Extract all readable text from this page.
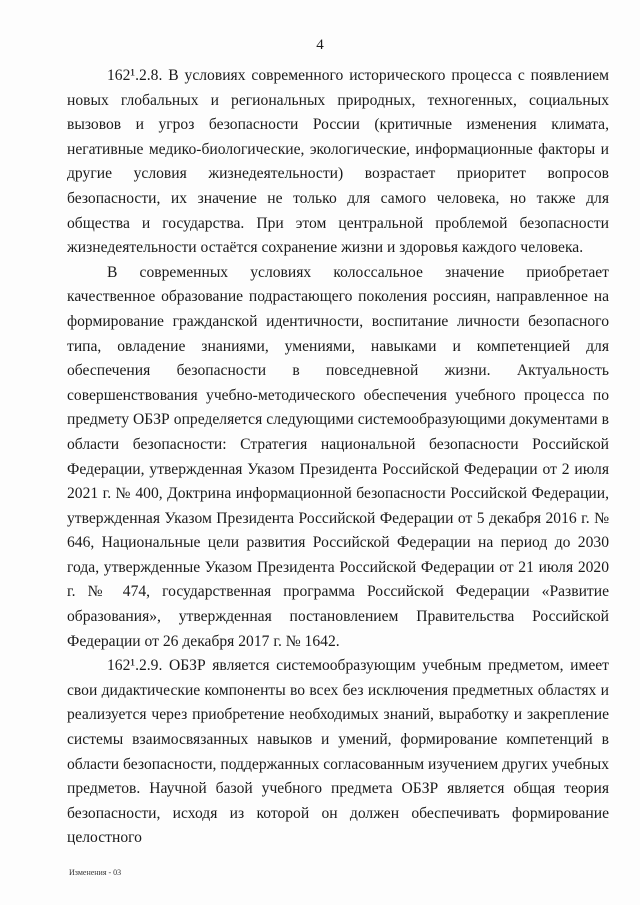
4

162¹.2.8. В условиях современного исторического процесса с появлением новых глобальных и региональных природных, техногенных, социальных вызовов и угроз безопасности России (критичные изменения климата, негативные медико-биологические, экологические, информационные факторы и другие условия жизнедеятельности) возрастает приоритет вопросов безопасности, их значение не только для самого человека, но также для общества и государства. При этом центральной проблемой безопасности жизнедеятельности остаётся сохранение жизни и здоровья каждого человека.

В современных условиях колоссальное значение приобретает качественное образование подрастающего поколения россиян, направленное на формирование гражданской идентичности, воспитание личности безопасного типа, овладение знаниями, умениями, навыками и компетенцией для обеспечения безопасности в повседневной жизни. Актуальность совершенствования учебно-методического обеспечения учебного процесса по предмету ОБЗР определяется следующими системообразующими документами в области безопасности: Стратегия национальной безопасности Российской Федерации, утвержденная Указом Президента Российской Федерации от 2 июля 2021 г. № 400, Доктрина информационной безопасности Российской Федерации, утвержденная Указом Президента Российской Федерации от 5 декабря 2016 г. № 646, Национальные цели развития Российской Федерации на период до 2030 года, утвержденные Указом Президента Российской Федерации от 21 июля 2020 г. № 474, государственная программа Российской Федерации «Развитие образования», утвержденная постановлением Правительства Российской Федерации от 26 декабря 2017 г. № 1642.

162¹.2.9. ОБЗР является системообразующим учебным предметом, имеет свои дидактические компоненты во всех без исключения предметных областях и реализуется через приобретение необходимых знаний, выработку и закрепление системы взаимосвязанных навыков и умений, формирование компетенций в области безопасности, поддержанных согласованным изучением других учебных предметов. Научной базой учебного предмета ОБЗР является общая теория безопасности, исходя из которой он должен обеспечивать формирование целостного

Изменения - 03
